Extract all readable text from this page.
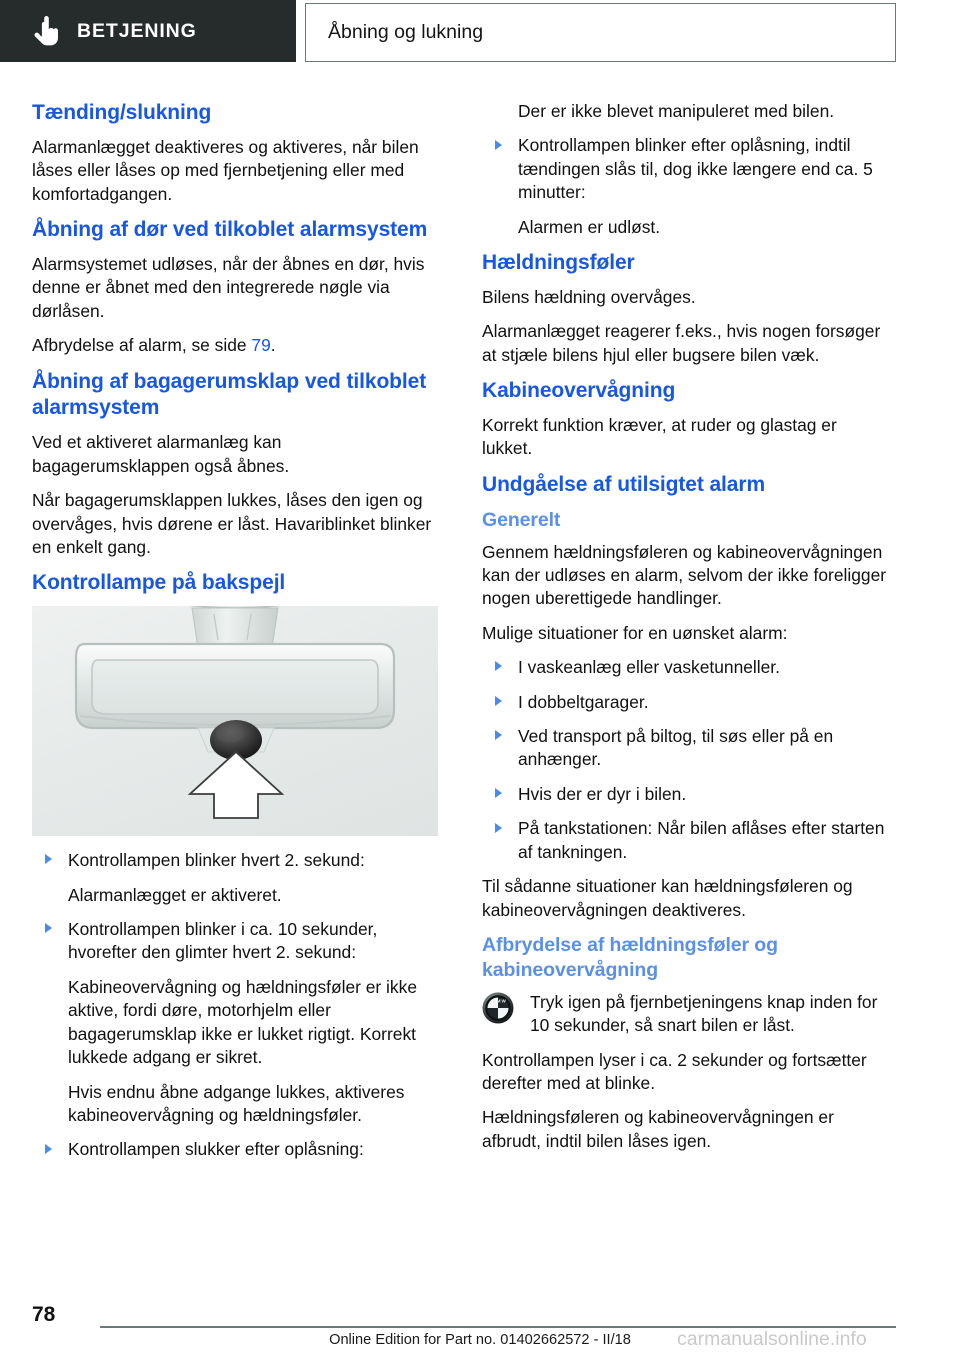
BETJENING	Åbning og lukning
Tænding/slukning

Alarmanlægget deaktiveres og aktiveres, når bilen låses eller låses op med fjernbetjening eller med komfortadgangen.

Åbning af dør ved tilkoblet alarmsystem

Alarmsystemet udløses, når der åbnes en dør, hvis denne er åbnet med den integrerede nøgle via dørlåsen.

Afbrydelse af alarm, se side 79.

Åbning af bagagerumsklap ved tilkoblet alarmsystem

Ved et aktiveret alarmanlæg kan bagagerumsklappen også åbnes.

Når bagagerumsklappen lukkes, låses den igen og overvåges, hvis dørene er låst. Havariblinket blinker en enkelt gang.

Kontrollampe på bakspejl
Kontrollampen blinker hvert 2. sekund:

Alarmanlægget er aktiveret.

Kontrollampen blinker i ca. 10 sekunder, hvorefter den glimter hvert 2. sekund:

Kabineovervågning og hældningsføler er ikke aktive, fordi døre, motorhjelm eller bagagerumsklap ikke er lukket rigtigt. Korrekt lukkede adgang er sikret.

Hvis endnu åbne adgange lukkes, aktiveres kabineovervågning og hældningsføler.

Kontrollampen slukker efter oplåsning:

Der er ikke blevet manipuleret med bilen.

Kontrollampen blinker efter oplåsning, indtil tændingen slås til, dog ikke længere end ca. 5 minutter:

Alarmen er udløst.

Hældningsføler

Bilens hældning overvåges.

Alarmanlægget reagerer f.eks., hvis nogen forsøger at stjæle bilens hjul eller bugsere bilen væk.

Kabineovervågning

Korrekt funktion kræver, at ruder og glastag er lukket.

Undgåelse af utilsigtet alarm
Generelt

Gennem hældningsføleren og kabineovervågningen kan der udløses en alarm, selvom der ikke foreligger nogen uberettigede handlinger.

Mulige situationer for en uønsket alarm:

I vaskeanlæg eller vasketunneller.
I dobbeltgarager.
Ved transport på biltog, til søs eller på en anhænger.
Hvis der er dyr i bilen.
På tankstationen: Når bilen aflåses efter starten af tankningen.

Til sådanne situationer kan hældningsføleren og kabineovervågningen deaktiveres.

Afbrydelse af hældningsføler og kabineovervågning
B M W Tryk igen på fjernbetjeningens knap inden for 10 sekunder, så snart bilen er låst.

Kontrollampen lyser i ca. 2 sekunder og fortsætter derefter med at blinke.

Hældningsføleren og kabineovervågningen er afbrudt, indtil bilen låses igen.

78
Online Edition for Part no. 01402662572 - II/18	carmanualsonline.info
